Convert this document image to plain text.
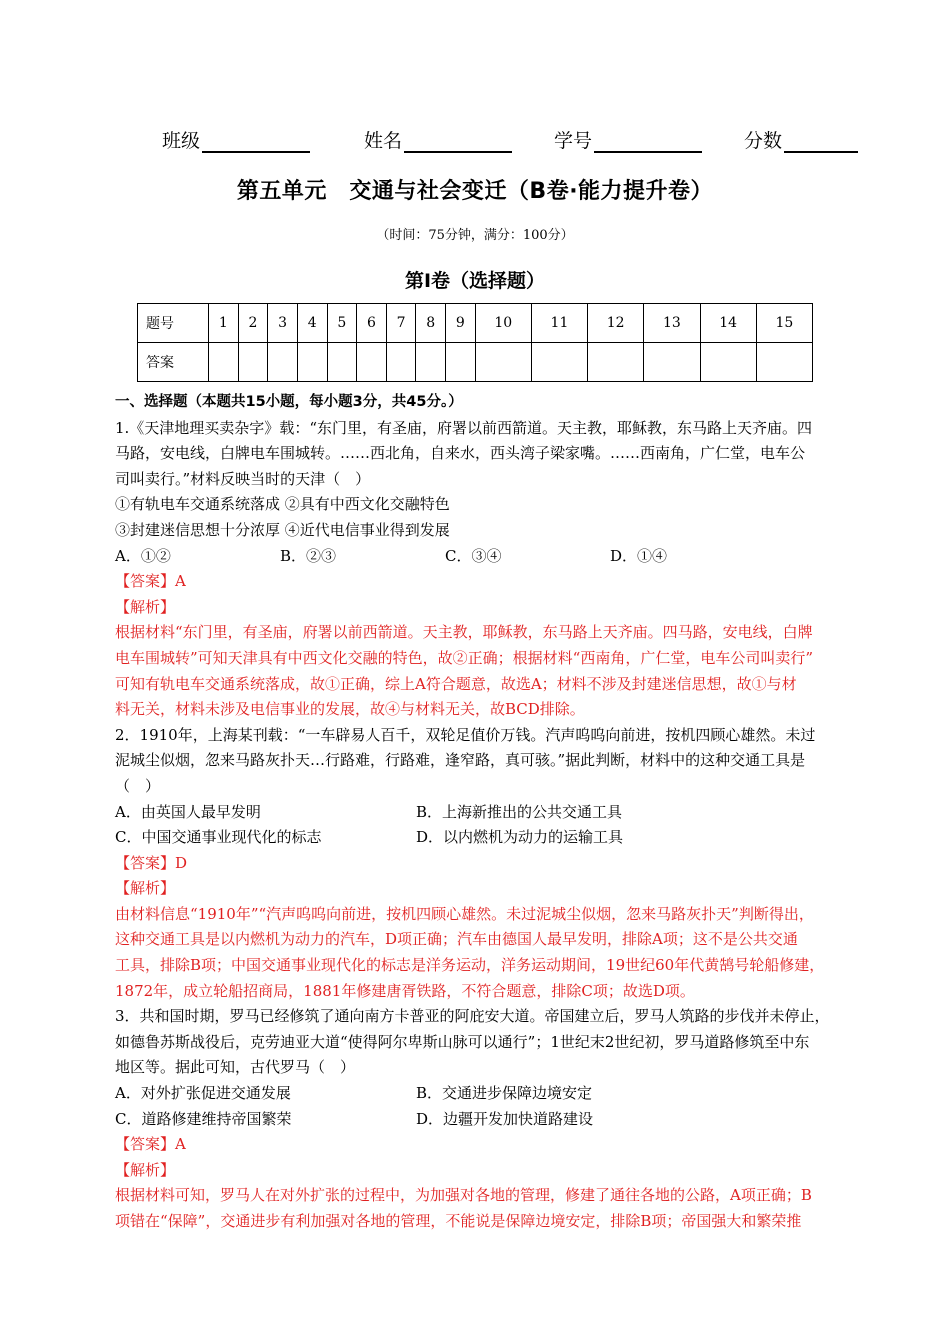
班级	姓名	学号	分数
第五单元　交通与社会变迁（B卷·能力提升卷）
（时间：75分钟，满分：100分）
第Ⅰ卷（选择题）
题号	1	2	3	4	5	6	7	8	9	10	11	12	13	14	15
答案															

一、选择题（本题共15小题，每小题3分，共45分。）

1.《天津地理买卖杂字》载：“东门里，有圣庙，府署以前西箭道。天主教，耶稣教，东马路上天齐庙。四

马路，安电线，白牌电车围城转。……西北角，自来水，西头湾子梁家嘴。……西南角，广仁堂，电车公

司叫卖行。”材料反映当时的天津（　）

①有轨电车交通系统落成 ②具有中西文化交融特色

③封建迷信思想十分浓厚 ④近代电信事业得到发展

A．①②	B．②③	C．③④	D．①④

【答案】A

【解析】

根据材料“东门里，有圣庙，府署以前西箭道。天主教，耶稣教，东马路上天齐庙。四马路，安电线，白牌

电车围城转”可知天津具有中西文化交融的特色，故②正确；根据材料“西南角，广仁堂，电车公司叫卖行”

可知有轨电车交通系统落成，故①正确，综上A符合题意，故选A；材料不涉及封建迷信思想，故①与材

料无关，材料未涉及电信事业的发展，故④与材料无关，故BCD排除。

2．1910年，上海某刊载：“一车辟易人百千，双轮足值价万钱。汽声呜呜向前进，按机四顾心雄然。未过

泥城尘似烟，忽来马路灰扑天…行路难，行路难，逢窄路，真可骇。”据此判断，材料中的这种交通工具是

（　）

A．由英国人最早发明	B．上海新推出的公共交通工具
C．中国交通事业现代化的标志	D．以内燃机为动力的运输工具

【答案】D

【解析】

由材料信息“1910年”“汽声呜呜向前进，按机四顾心雄然。未过泥城尘似烟，忽来马路灰扑天”判断得出，

这种交通工具是以内燃机为动力的汽车，D项正确；汽车由德国人最早发明，排除A项；这不是公共交通

工具，排除B项；中国交通事业现代化的标志是洋务运动，洋务运动期间，19世纪60年代黄鹄号轮船修建，

1872年，成立轮船招商局，1881年修建唐胥铁路，不符合题意，排除C项；故选D项。

3．共和国时期，罗马已经修筑了通向南方卡普亚的阿庇安大道。帝国建立后，罗马人筑路的步伐并未停止，

如德鲁苏斯战役后，克劳迪亚大道“使得阿尔卑斯山脉可以通行”；1世纪末2世纪初，罗马道路修筑至中东

地区等。据此可知，古代罗马（　）

A．对外扩张促进交通发展	B．交通进步保障边境安定
C．道路修建维持帝国繁荣	D．边疆开发加快道路建设

【答案】A

【解析】

根据材料可知，罗马人在对外扩张的过程中，为加强对各地的管理，修建了通往各地的公路，A项正确；B

项错在“保障”，交通进步有利加强对各地的管理，不能说是保障边境安定，排除B项；帝国强大和繁荣推
